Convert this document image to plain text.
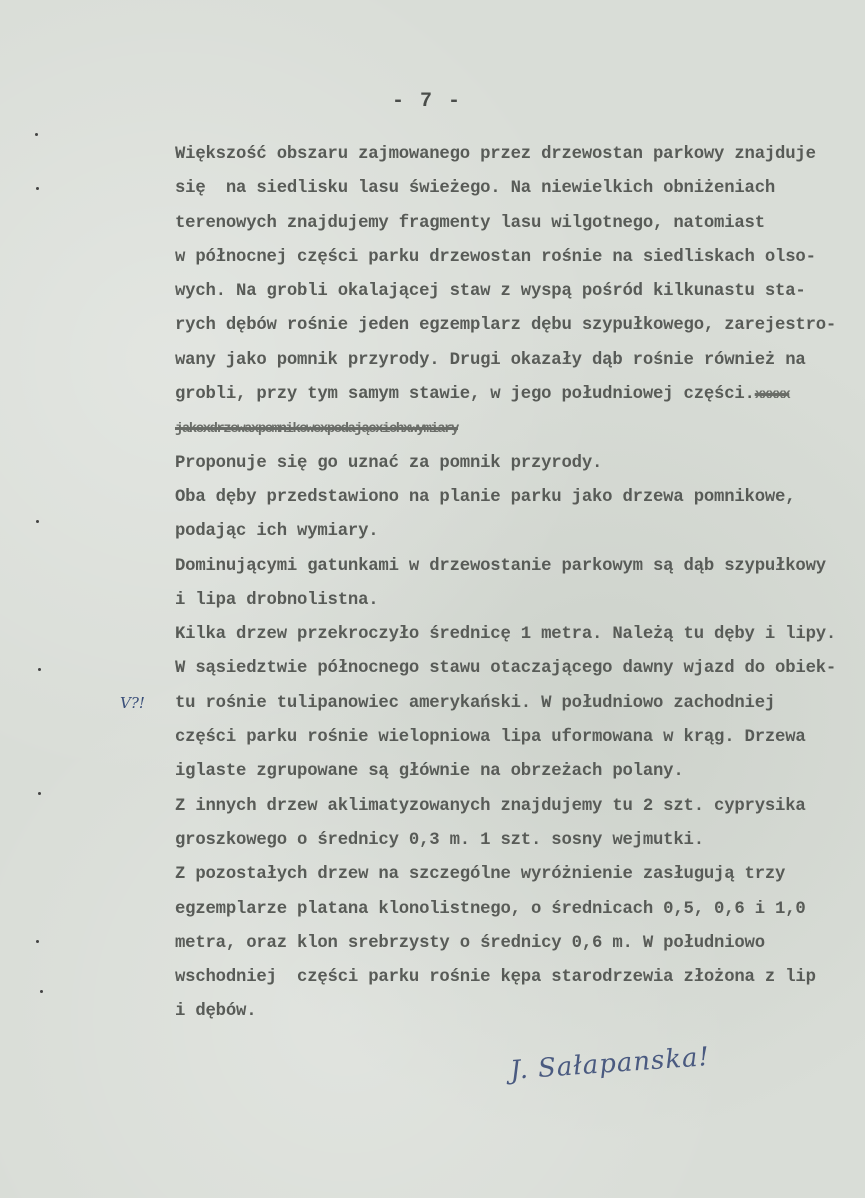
- 7 -
Większość obszaru zajmowanego przez drzewostan parkowy znajduje
się  na siedlisku lasu świeżego. Na niewielkich obniżeniach
terenowych znajdujemy fragmenty lasu wilgotnego, natomiast
w północnej części parku drzewostan rośnie na siedliskach olso-
wych. Na grobli okalającej staw z wyspą pośród kilkunastu sta-
rych dębów rośnie jeden egzemplarz dębu szypułkowego, zarejestro-
wany jako pomnik przyrody. Drugi okazały dąb rośnie również na
grobli, przy tym samym stawie, w jego południowej części.xxxxx
jakoxdrzewaxpomnikowexpodającxichxwymiary
Proponuje się go uznać za pomnik przyrody.
Oba dęby przedstawiono na planie parku jako drzewa pomnikowe,
podając ich wymiary.
Dominującymi gatunkami w drzewostanie parkowym są dąb szypułkowy
i lipa drobnolistna.
Kilka drzew przekroczyło średnicę 1 metra. Należą tu dęby i lipy.
W sąsiedztwie północnego stawu otaczającego dawny wjazd do obiek-
tu rośnie tulipanowiec amerykański. W południowo zachodniej
części parku rośnie wielopniowa lipa uformowana w krąg. Drzewa
iglaste zgrupowane są głównie na obrzeżach polany.
Z innych drzew aklimatyzowanych znajdujemy tu 2 szt. cyprysika
groszkowego o średnicy 0,3 m. 1 szt. sosny wejmutki.
Z pozostałych drzew na szczególne wyróżnienie zasługują trzy
egzemplarze platana klonolistnego, o średnicach 0,5, 0,6 i 1,0
metra, oraz klon srebrzysty o średnicy 0,6 m. W południowo
wschodniej  części parku rośnie kępa starodrzewia złożona z lip
i dębów.
V?!
J. Sałapanska!
